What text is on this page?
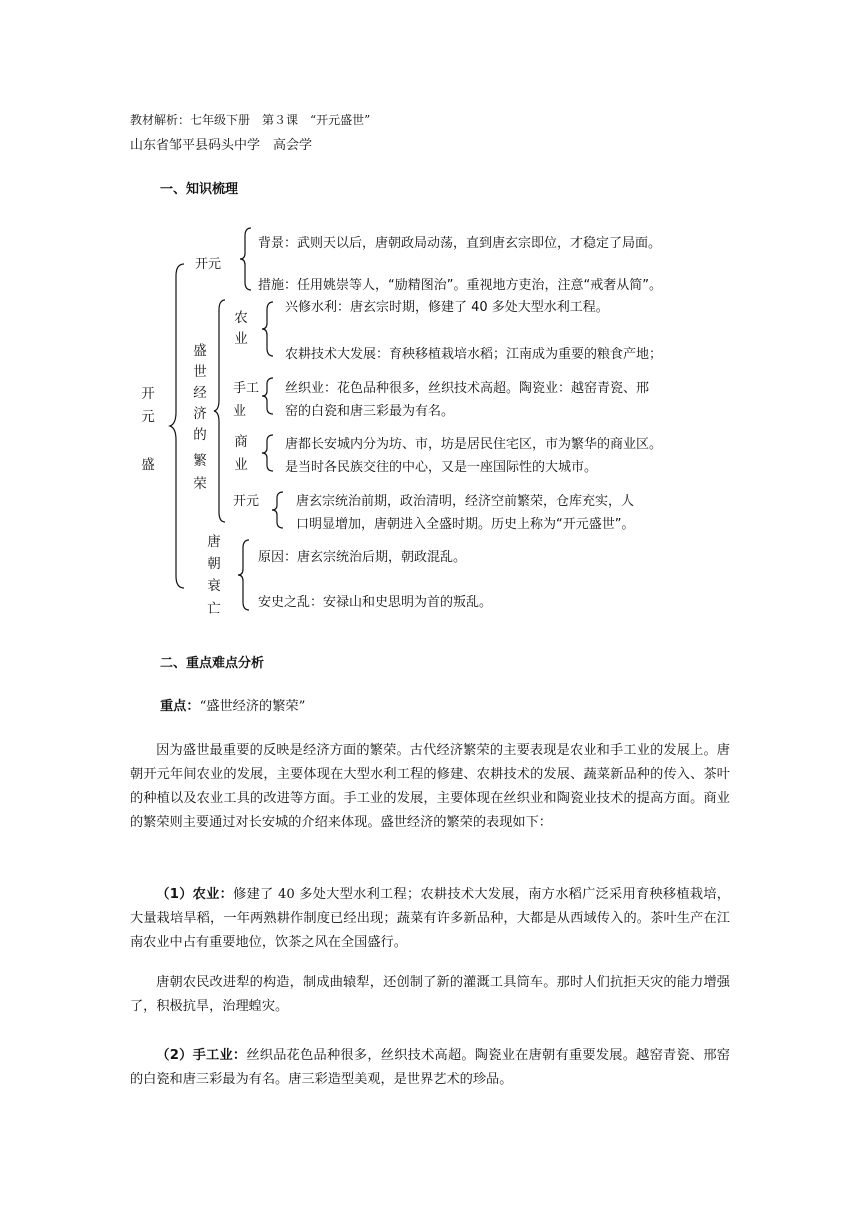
教材解析：七年级下册　第３课　“开元盛世”
山东省邹平县码头中学　高会学
一、知识梳理
开
元
盛
开元
背景：武则天以后，唐朝政局动荡，直到唐玄宗即位，才稳定了局面。
措施：任用姚崇等人，“励精图治”。重视地方吏治，注意“戒奢从简”。
盛
世
经
济
的
繁
荣
农
业
兴修水利：唐玄宗时期，修建了 40 多处大型水利工程。
农耕技术大发展：育秧移植栽培水稻；江南成为重要的粮食产地；
手工
业
丝织业：花色品种很多，丝织技术高超。陶瓷业：越窑青瓷、邢
窑的白瓷和唐三彩最为有名。
商
业
唐都长安城内分为坊、市，坊是居民住宅区，市为繁华的商业区。
是当时各民族交往的中心，又是一座国际性的大城市。
开元	唐玄宗统治前期，政治清明，经济空前繁荣，仓库充实，人
口明显增加，唐朝进入全盛时期。历史上称为“开元盛世”。
唐
朝
衰
亡
原因：唐玄宗统治后期，朝政混乱。
安史之乱：安禄山和史思明为首的叛乱。
二、重点难点分析
重点：“盛世经济的繁荣”
因为盛世最重要的反映是经济方面的繁荣。古代经济繁荣的主要表现是农业和手工业的发展上。唐朝开元年间农业的发展，主要体现在大型水利工程的修建、农耕技术的发展、蔬菜新品种的传入、茶叶的种植以及农业工具的改进等方面。手工业的发展，主要体现在丝织业和陶瓷业技术的提高方面。商业的繁荣则主要通过对长安城的介绍来体现。盛世经济的繁荣的表现如下：
（1）农业：修建了 40 多处大型水利工程；农耕技术大发展，南方水稻广泛采用育秧移植栽培，大量栽培旱稻，一年两熟耕作制度已经出现；蔬菜有许多新品种，大都是从西域传入的。茶叶生产在江南农业中占有重要地位，饮茶之风在全国盛行。
唐朝农民改进犁的构造，制成曲辕犁，还创制了新的灌溉工具筒车。那时人们抗拒天灾的能力增强了，积极抗旱，治理蝗灾。
（2）手工业：丝织品花色品种很多，丝织技术高超。陶瓷业在唐朝有重要发展。越窑青瓷、邢窑的白瓷和唐三彩最为有名。唐三彩造型美观，是世界艺术的珍品。
